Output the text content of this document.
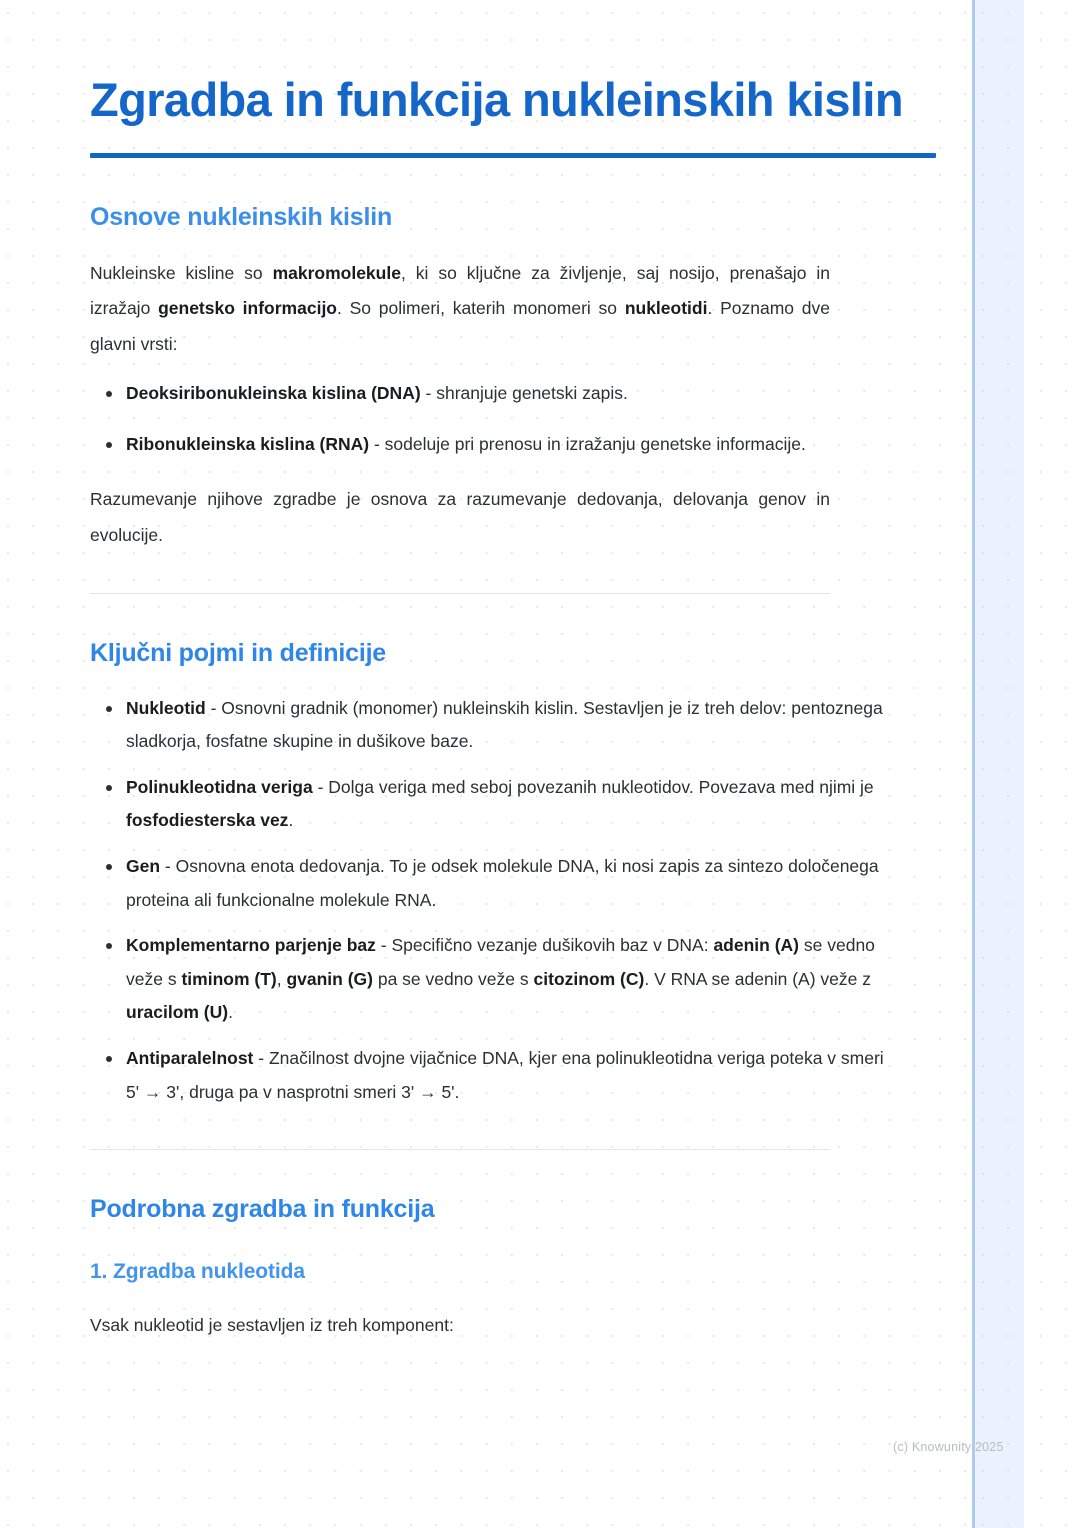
Zgradba in funkcija nukleinskih kislin
Osnove nukleinskih kislin

Nukleinske kisline so makromolekule, ki so ključne za življenje, saj nosijo, prenašajo in izražajo genetsko informacijo. So polimeri, katerih monomeri so nukleotidi. Poznamo dve glavni vrsti:

Deoksiribonukleinska kislina (DNA) - shranjuje genetski zapis.
Ribonukleinska kislina (RNA) - sodeluje pri prenosu in izražanju genetske informacije.

Razumevanje njihove zgradbe je osnova za razumevanje dedovanja, delovanja genov in evolucije.

Ključni pojmi in definicije
Nukleotid - Osnovni gradnik (monomer) nukleinskih kislin. Sestavljen je iz treh delov: pentoznega sladkorja, fosfatne skupine in dušikove baze.
Polinukleotidna veriga - Dolga veriga med seboj povezanih nukleotidov. Povezava med njimi je fosfodiesterska vez.
Gen - Osnovna enota dedovanja. To je odsek molekule DNA, ki nosi zapis za sintezo določenega proteina ali funkcionalne molekule RNA.
Komplementarno parjenje baz - Specifično vezanje dušikovih baz v DNA: adenin (A) se vedno veže s timinom (T), gvanin (G) pa se vedno veže s citozinom (C). V RNA se adenin (A) veže z uracilom (U).
Antiparalelnost - Značilnost dvojne vijačnice DNA, kjer ena polinukleotidna veriga poteka v smeri 5' → 3', druga pa v nasprotni smeri 3' → 5'.
Podrobna zgradba in funkcija
1. Zgradba nukleotida

Vsak nukleotid je sestavljen iz treh komponent:

(c) Knowunity 2025
